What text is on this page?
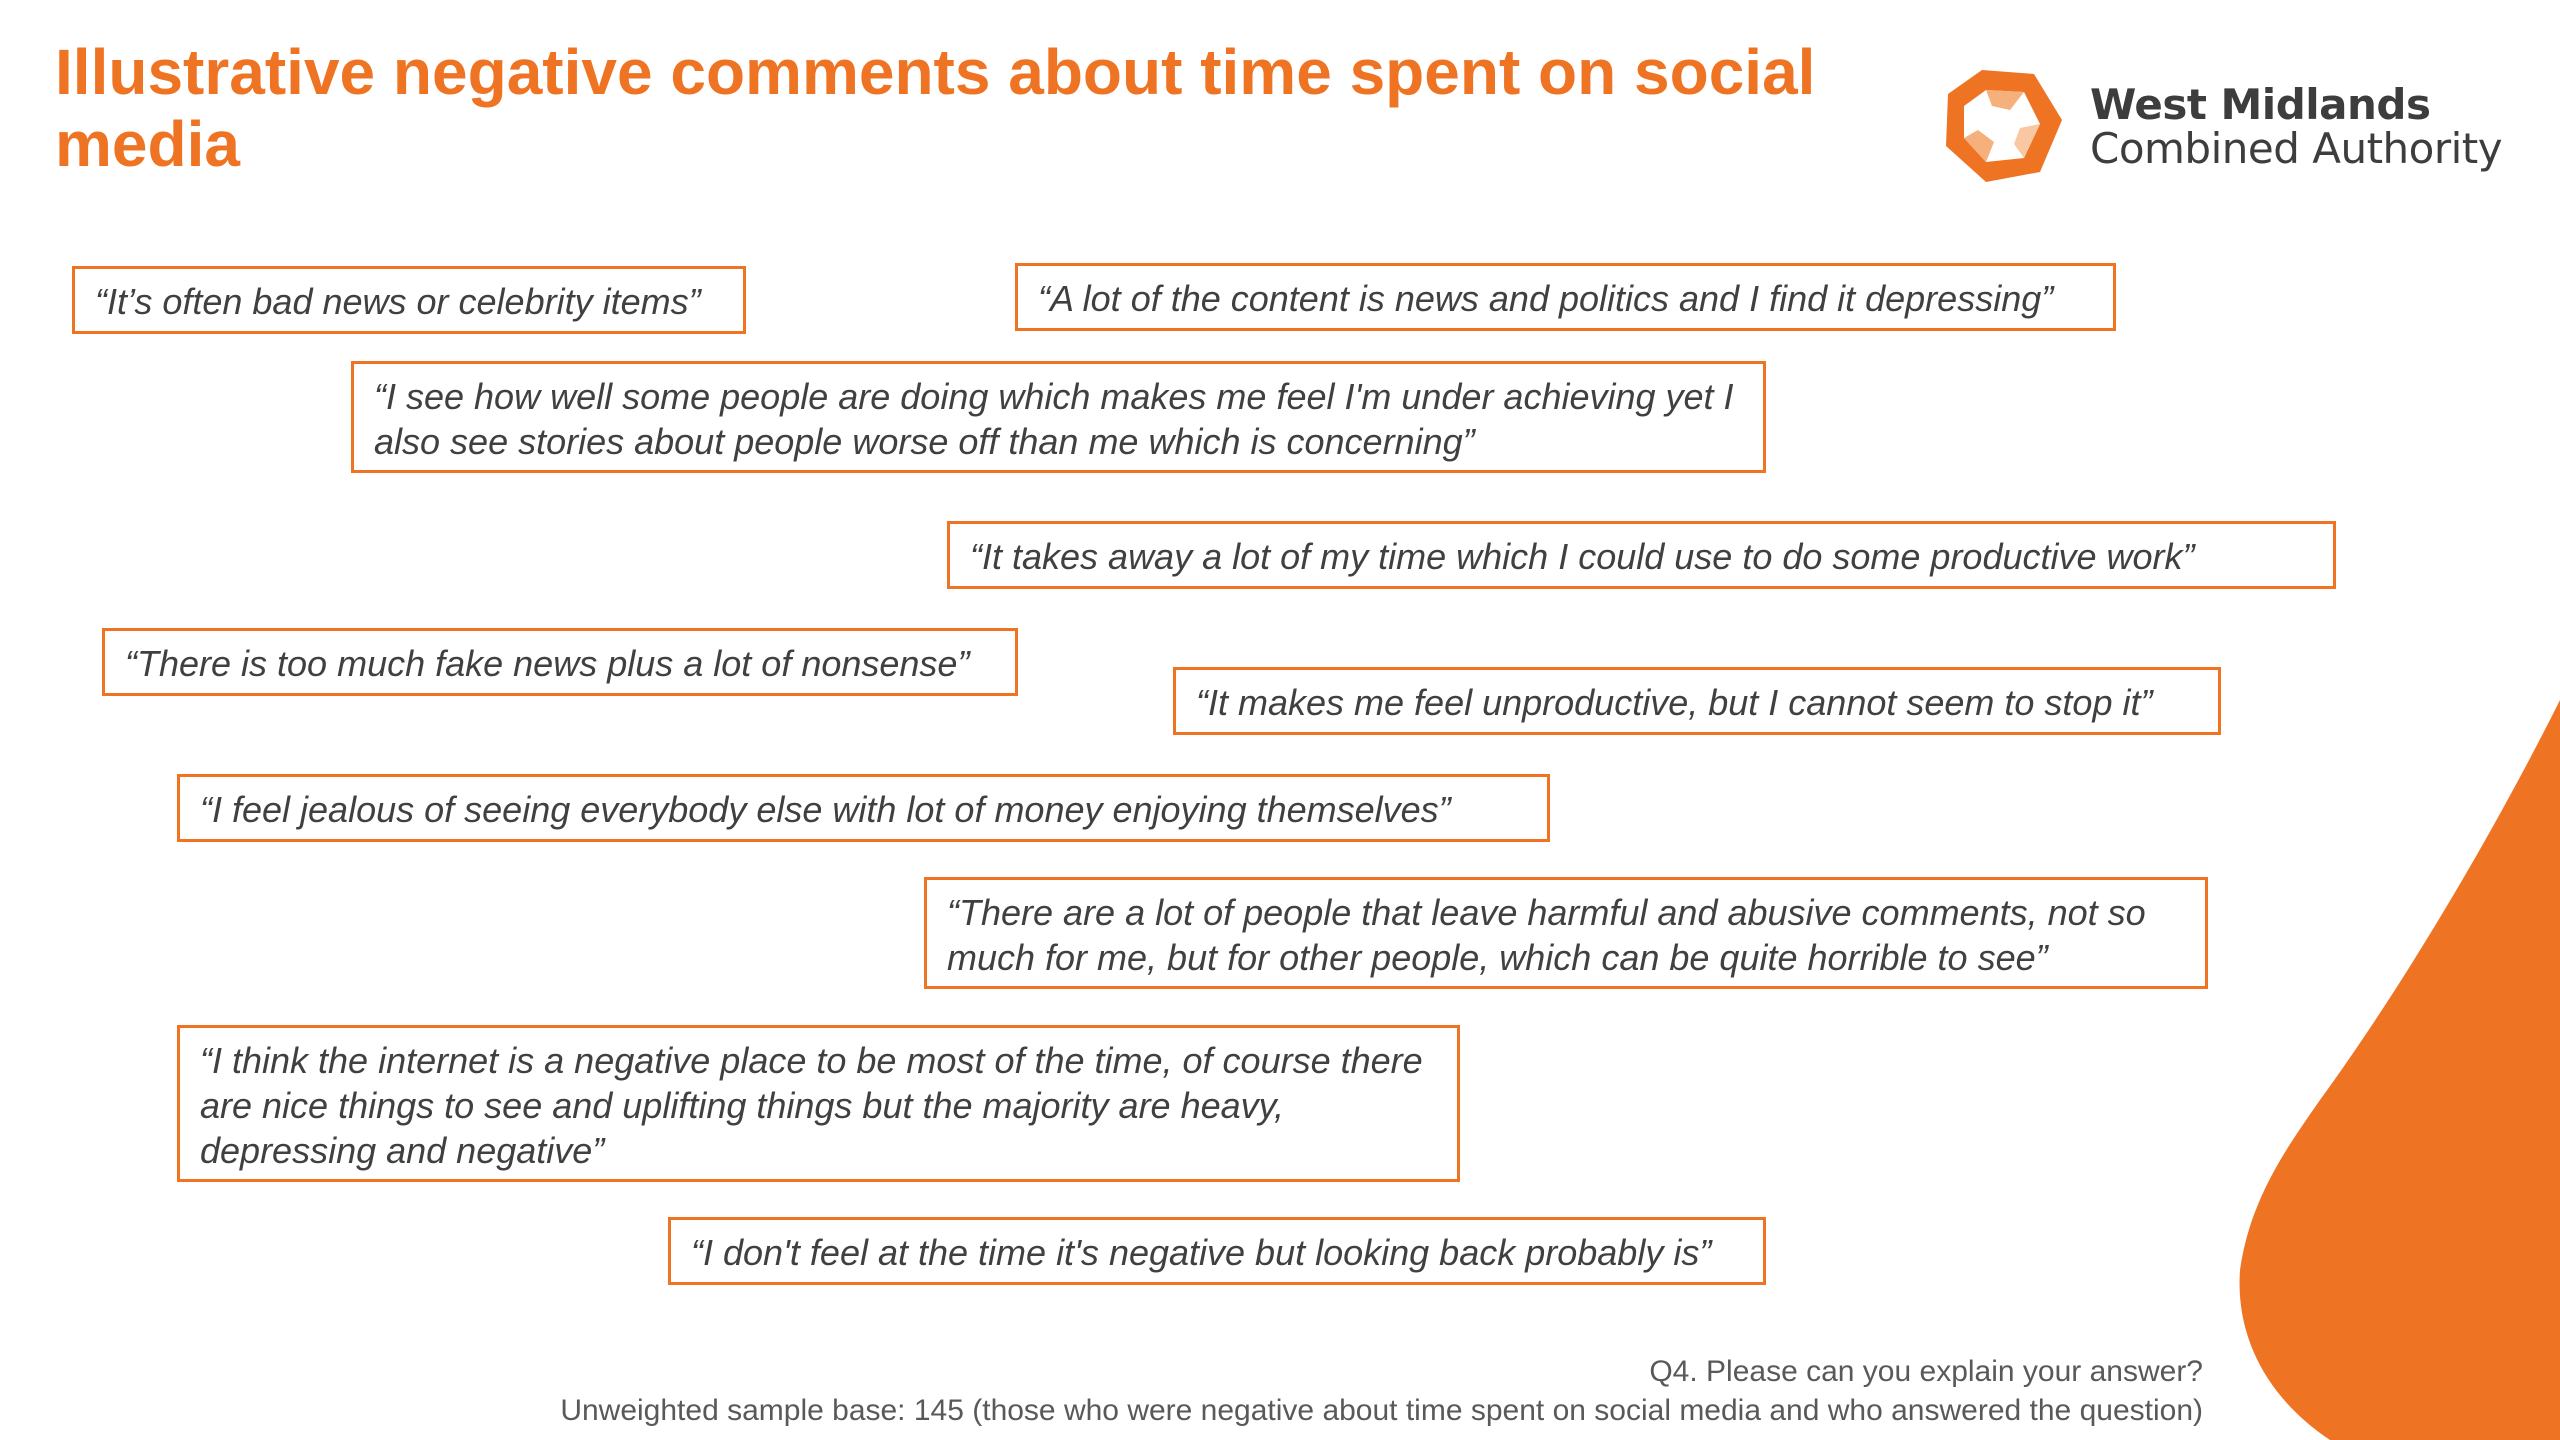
Illustrative negative comments about time spent on social media
West Midlands
Combined Authority
“It’s often bad news or celebrity items”	“A lot of the content is news and politics and I find it depressing”
“I see how well some people are doing which makes me feel I'm under achieving yet I also see stories about people worse off than me which is concerning”
“It takes away a lot of my time which I could use to do some productive work”
“There is too much fake news plus a lot of nonsense”
“It makes me feel unproductive, but I cannot seem to stop it”
“I feel jealous of seeing everybody else with lot of money enjoying themselves”
“There are a lot of people that leave harmful and abusive comments, not so much for me, but for other people, which can be quite horrible to see”
“I think the internet is a negative place to be most of the time, of course there are nice things to see and uplifting things but the majority are heavy, depressing and negative”
“I don't feel at the time it's negative but looking back probably is”
Q4. Please can you explain your answer?
Unweighted sample base: 145 (those who were negative about time spent on social media and who answered the question)
